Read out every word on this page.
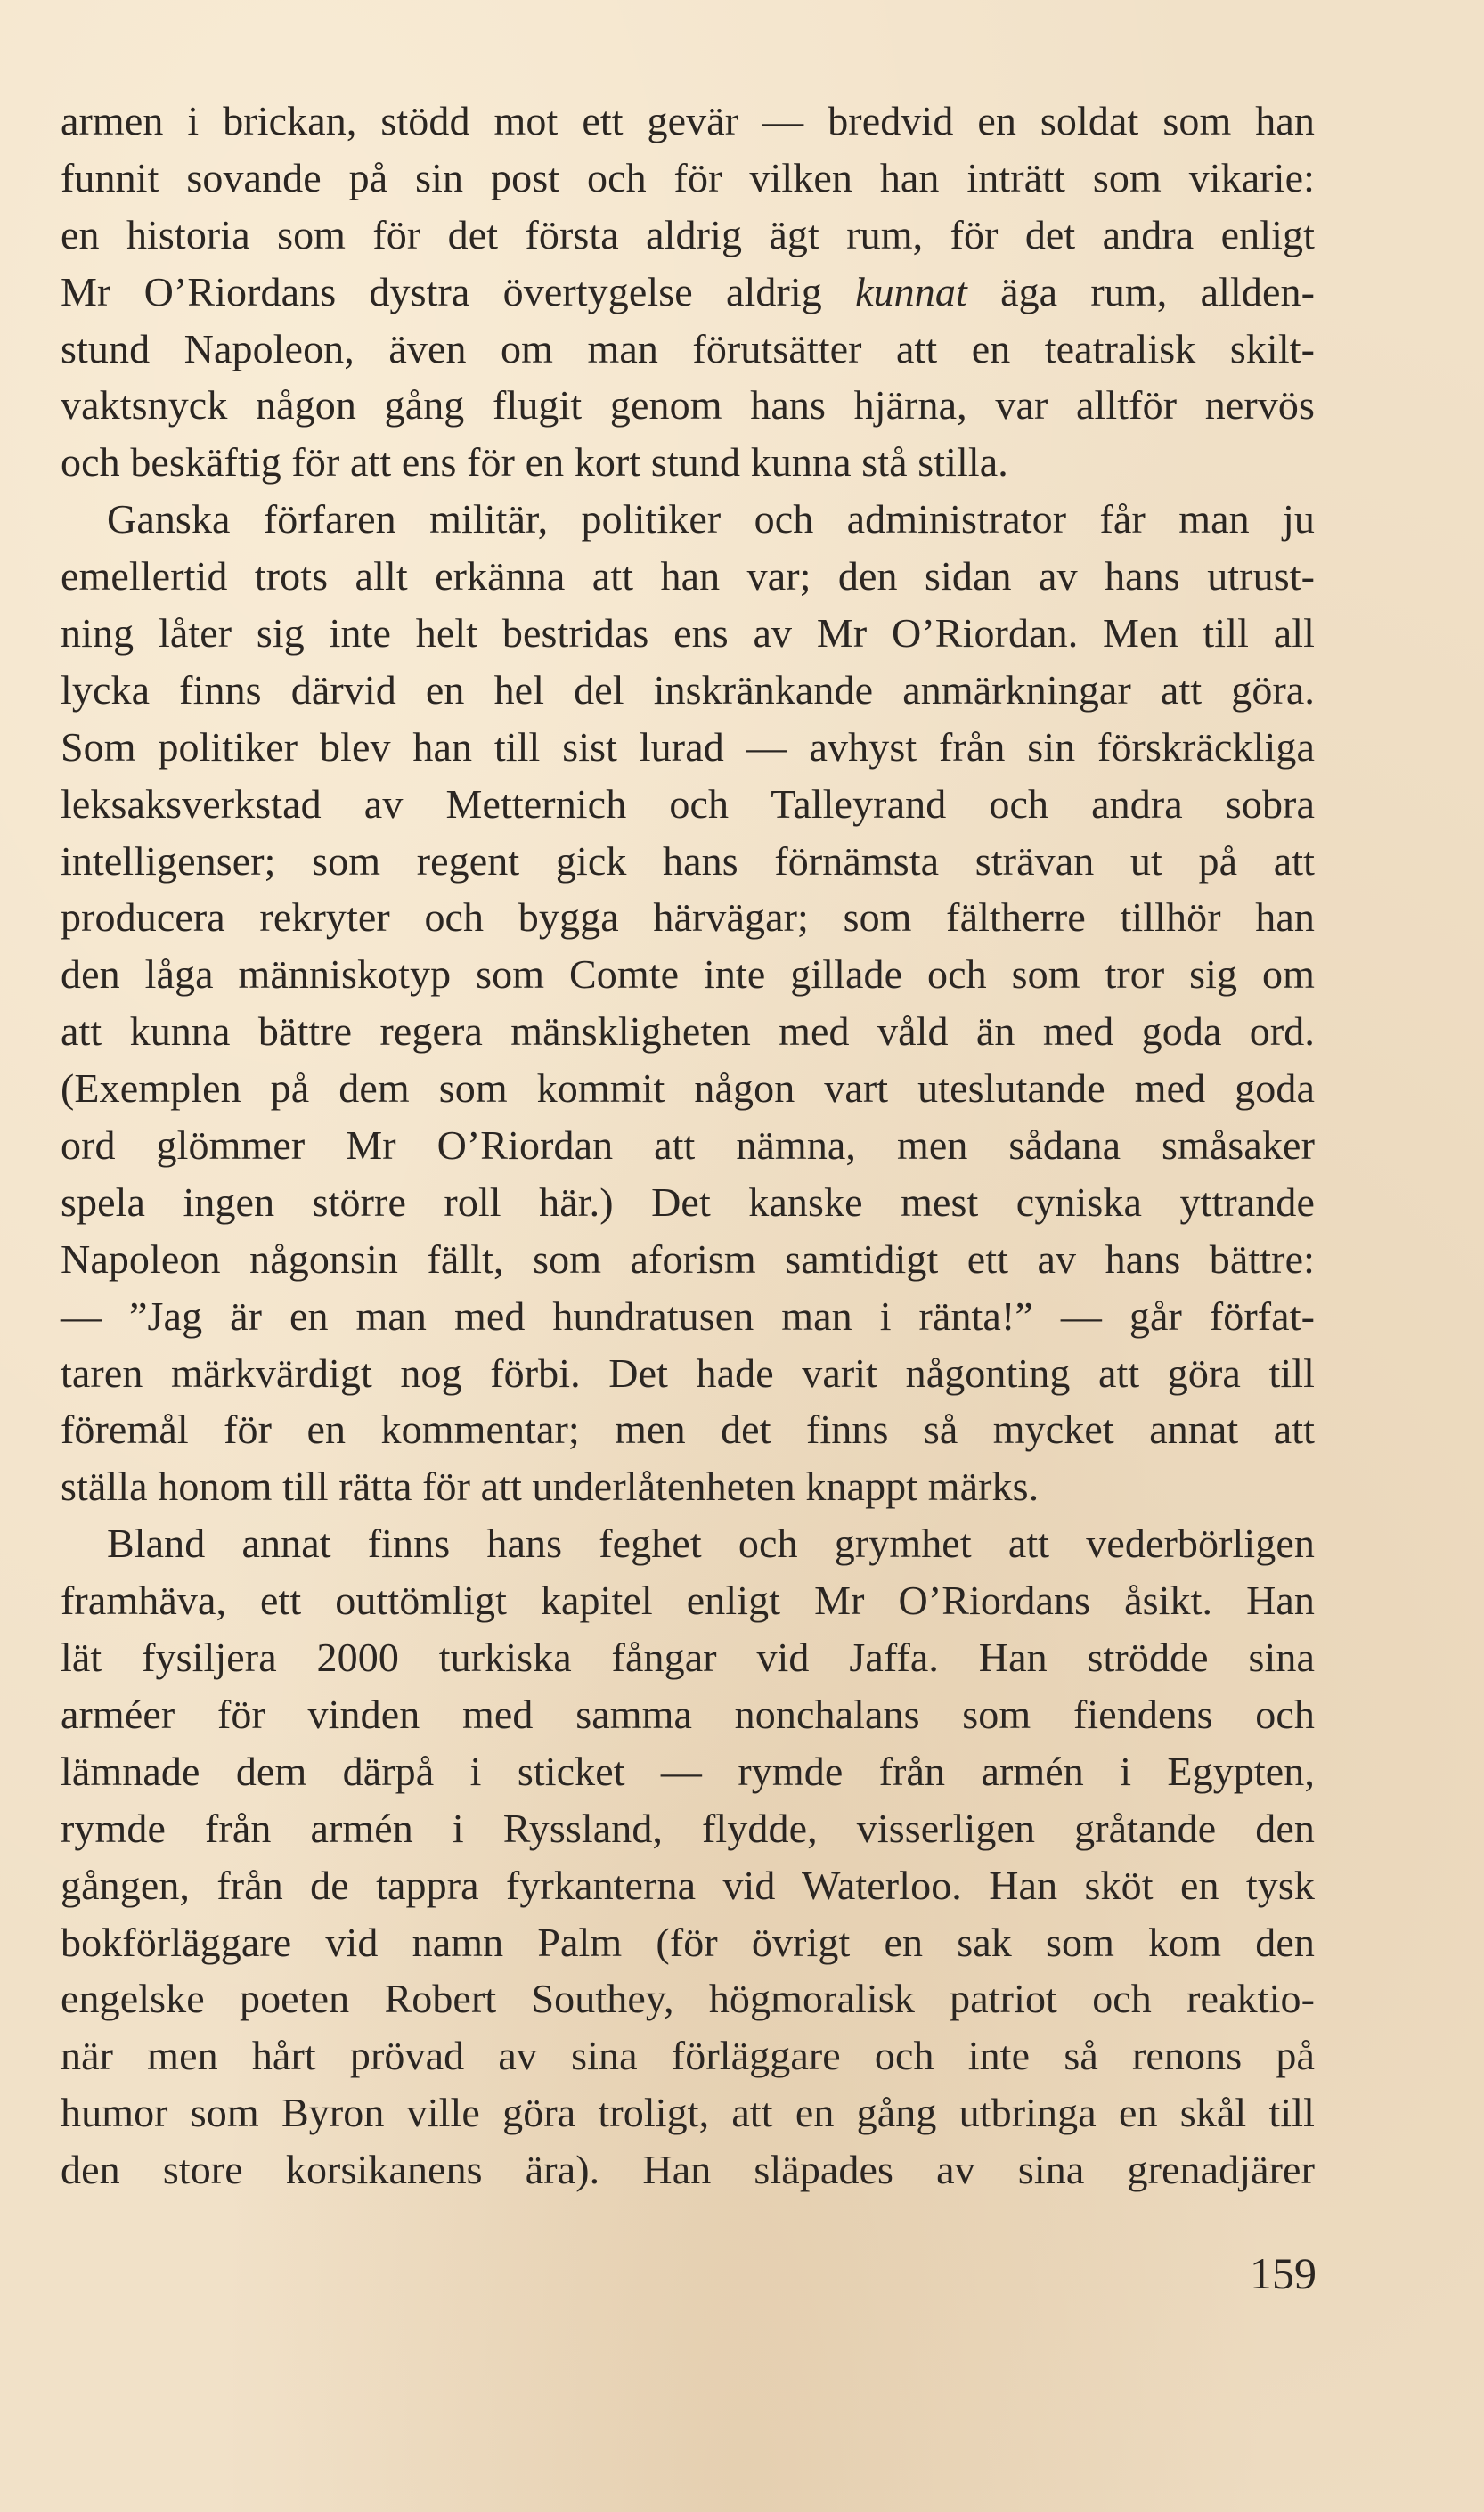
armen i brickan, stödd mot ett gevär — bredvid en soldat som han
funnit sovande på sin post och för vilken han inträtt som vikarie:
en historia som för det första aldrig ägt rum, för det andra enligt
Mr O’Riordans dystra övertygelse aldrig kunnat äga rum, allden-
stund Napoleon, även om man förutsätter att en teatralisk skilt-
vaktsnyck någon gång flugit genom hans hjärna, var alltför nervös
och beskäftig för att ens för en kort stund kunna stå stilla.
Ganska förfaren militär, politiker och administrator får man ju
emellertid trots allt erkänna att han var; den sidan av hans utrust-
ning låter sig inte helt bestridas ens av Mr O’Riordan. Men till all
lycka finns därvid en hel del inskränkande anmärkningar att göra.
Som politiker blev han till sist lurad — avhyst från sin förskräckliga
leksaksverkstad av Metternich och Talleyrand och andra sobra
intelligenser; som regent gick hans förnämsta strävan ut på att
producera rekryter och bygga härvägar; som fältherre tillhör han
den låga människotyp som Comte inte gillade och som tror sig om
att kunna bättre regera mänskligheten med våld än med goda ord.
(Exemplen på dem som kommit någon vart uteslutande med goda
ord glömmer Mr O’Riordan att nämna, men sådana småsaker
spela ingen större roll här.) Det kanske mest cyniska yttrande
Napoleon någonsin fällt, som aforism samtidigt ett av hans bättre:
— ”Jag är en man med hundratusen man i ränta!” — går förfat-
taren märkvärdigt nog förbi. Det hade varit någonting att göra till
föremål för en kommentar; men det finns så mycket annat att
ställa honom till rätta för att underlåtenheten knappt märks.
Bland annat finns hans feghet och grymhet att vederbörligen
framhäva, ett outtömligt kapitel enligt Mr O’Riordans åsikt. Han
lät fysiljera 2000 turkiska fångar vid Jaffa. Han strödde sina
arméer för vinden med samma nonchalans som fiendens och
lämnade dem därpå i sticket — rymde från armén i Egypten,
rymde från armén i Ryssland, flydde, visserligen gråtande den
gången, från de tappra fyrkanterna vid Waterloo. Han sköt en tysk
bokförläggare vid namn Palm (för övrigt en sak som kom den
engelske poeten Robert Southey, högmoralisk patriot och reaktio-
när men hårt prövad av sina förläggare och inte så renons på
humor som Byron ville göra troligt, att en gång utbringa en skål till
den store korsikanens ära). Han släpades av sina grenadjärer
159
